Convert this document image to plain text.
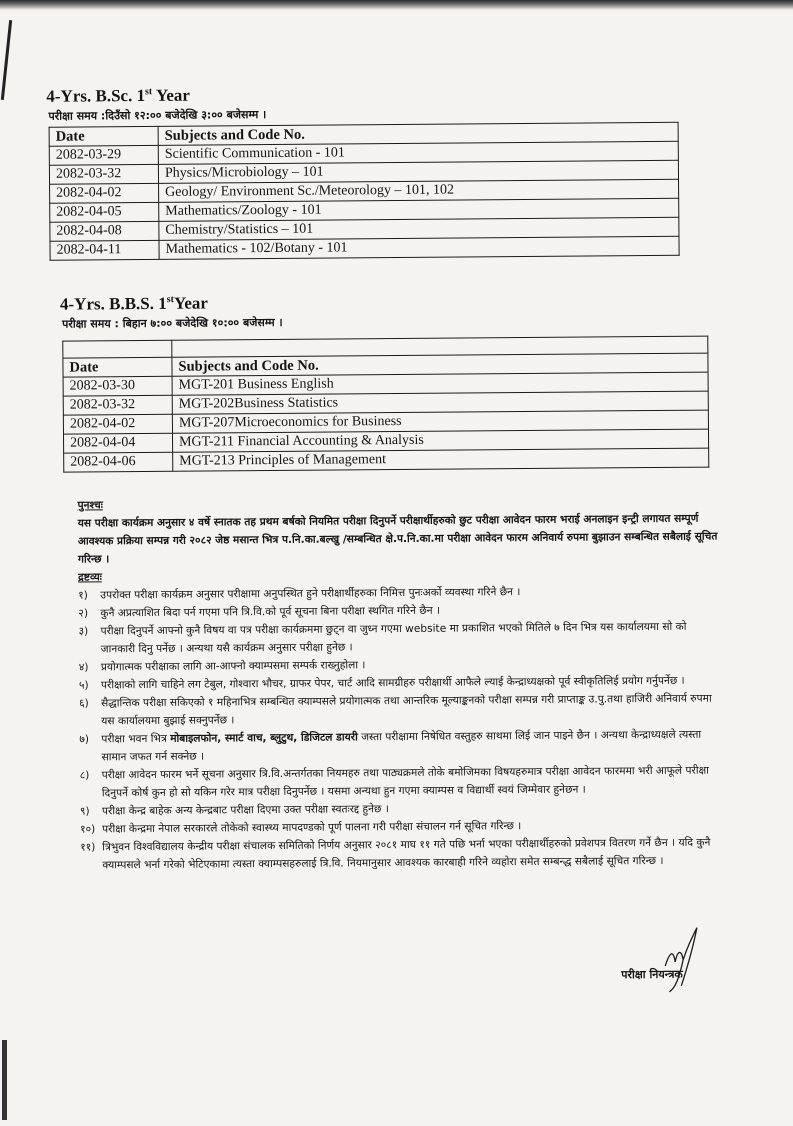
4-Yrs. B.Sc. 1st Year

परीक्षा समय :दिउँसो १२:०० बजेदेखि ३:०० बजेसम्म ।

Date	Subjects and Code No.
2082-03-29	Scientific Communication - 101
2082-03-32	Physics/Microbiology – 101
2082-04-02	Geology/ Environment Sc./Meteorology – 101, 102
2082-04-05	Mathematics/Zoology - 101
2082-04-08	Chemistry/Statistics – 101
2082-04-11	Mathematics - 102/Botany - 101
4-Yrs. B.B.S. 1stYear

परीक्षा समय : बिहान ७:०० बजेदेखि १०:०० बजेसम्म ।

Date	Subjects and Code No.
2082-03-30	MGT-201 Business English
2082-03-32	MGT-202Business Statistics
2082-04-02	MGT-207Microeconomics for Business
2082-04-04	MGT-211 Financial Accounting & Analysis
2082-04-06	MGT-213 Principles of Management

पुनश्चः

यस परीक्षा कार्यक्रम अनुसार ४ वर्षे स्नातक तह प्रथम बर्षको नियमित परीक्षा दिनुपर्ने परीक्षार्थीहरुको छुट परीक्षा आवेदन फारम भराई अनलाइन इन्ट्री लगायत सम्पूर्ण आवश्यक प्रक्रिया सम्पन्न गरी २०८२ जेष्ठ मसान्त भित्र प.नि.का.बल्खु /सम्बन्धित क्षे.प.नि.का.मा परीक्षा आवेदन फारम अनिवार्य रुपमा बुझाउन सम्बन्धित सबैलाई सूचित गरिन्छ ।

द्रष्टव्यः

१)	उपरोक्त परीक्षा कार्यक्रम अनुसार परीक्षामा अनुपस्थित हुने परीक्षार्थीहरुका निमित्त पुनःअर्को व्यवस्था गरिने छैन ।
२)	कुनै अप्रत्याशित बिदा पर्न गएमा पनि त्रि.वि.को पूर्व सूचना बिना परीक्षा स्थगित गरिने छैन ।
३)	परीक्षा दिनुपर्ने आफ्नो कुनै विषय वा पत्र परीक्षा कार्यक्रममा छुट्न वा जुध्न गएमा website मा प्रकाशित भएको मितिले ७ दिन भित्र यस कार्यालयमा सो को जानकारी दिनु पर्नेछ । अन्यथा यसै कार्यक्रम अनुसार परीक्षा हुनेछ ।
४)	प्रयोगात्मक परीक्षाका लागि आ-आफ्नो क्याम्पसमा सम्पर्क राख्नुहोला ।
५)	परीक्षाको लागि चाहिने लग टेबुल, गोश्वारा भौचर, ग्राफर पेपर, चार्ट आदि सामग्रीहरु परीक्षार्थी आफैले ल्याई केन्द्राध्यक्षको पूर्व स्वीकृतिलिई प्रयोग गर्नुपर्नेछ ।
६)	सैद्धान्तिक परीक्षा सकिएको १ महिनाभित्र सम्बन्धित क्याम्पसले प्रयोगात्मक तथा आन्तरिक मूल्याङ्कनको परीक्षा सम्पन्न गरी प्राप्ताङ्क उ.पु.तथा हाजिरी अनिवार्य रुपमा यस कार्यालयमा बुझाई सक्नुपर्नेछ ।
७)	परीक्षा भवन भित्र मोबाइलफोन, स्मार्ट वाच, ब्लुटुथ, डिजिटल डायरी जस्ता परीक्षामा निषेधित वस्तुहरु साथमा लिई जान पाइने छैन । अन्यथा केन्द्राध्यक्षले त्यस्ता सामान जफत गर्न सक्नेछ ।
८)	परीक्षा आवेदन फारम भर्ने सूचना अनुसार त्रि.वि.अन्तर्गतका नियमहरु तथा पाठ्यक्रमले तोके बमोजिमका विषयहरुमात्र परीक्षा आवेदन फारममा भरी आफूले परीक्षा दिनुपर्ने कोर्ष कुन हो सो यकिन गरेर मात्र परीक्षा दिनुपर्नेछ । यसमा अन्यथा हुन गएमा क्याम्पस व विद्यार्थी स्वयं जिम्मेवार हुनेछन ।
९)	परीक्षा केन्द्र बाहेक अन्य केन्द्रबाट परीक्षा दिएमा उक्त परीक्षा स्वतःरद्द हुनेछ ।
१०) परीक्षा केन्द्रमा नेपाल सरकारले तोकेको स्वास्थ्य मापदण्डको पूर्ण पालना गरी परीक्षा संचालन गर्न सूचित गरिन्छ ।
११) त्रिभुवन विश्वविद्यालय केन्द्रीय परीक्षा संचालक समितिको निर्णय अनुसार २०८१ माघ ११ गते पछि भर्ना भएका परीक्षार्थीहरुको प्रवेशपत्र वितरण गर्ने छैन । यदि कुनै क्याम्पसले भर्ना गरेको भेटिएकामा त्यस्ता क्याम्पसहरुलाई त्रि.वि. नियमानुसार आवश्यक कारबाही गरिने व्यहोरा समेत सम्बन्द्ध सबैलाई सूचित गरिन्छ ।
परीक्षा नियन्त्रक
